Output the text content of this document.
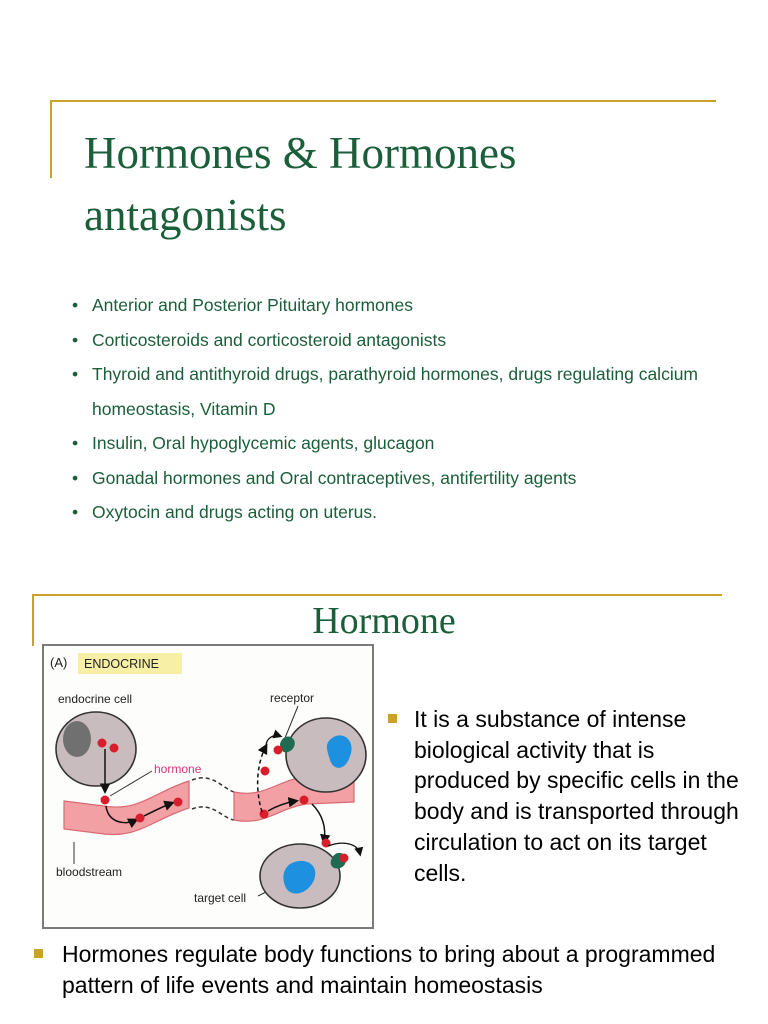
Hormones & Hormones antagonists
• Anterior and Posterior Pituitary hormones
• Corticosteroids and corticosteroid antagonists
• Thyroid and antithyroid drugs, parathyroid hormones, drugs regulating calcium homeostasis, Vitamin D
• Insulin, Oral hypoglycemic agents, glucagon
• Gonadal hormones and Oral contraceptives, antifertility agents
• Oxytocin and drugs acting on uterus.
Hormone
(A) ENDOCRINE
endocrine cell
hormone
receptor
bloodstream
target cell

It is a substance of intense biological activity that is produced by specific cells in the body and is transported through circulation to act on its target cells.

Hormones regulate body functions to bring about a programmed pattern of life events and maintain homeostasis
